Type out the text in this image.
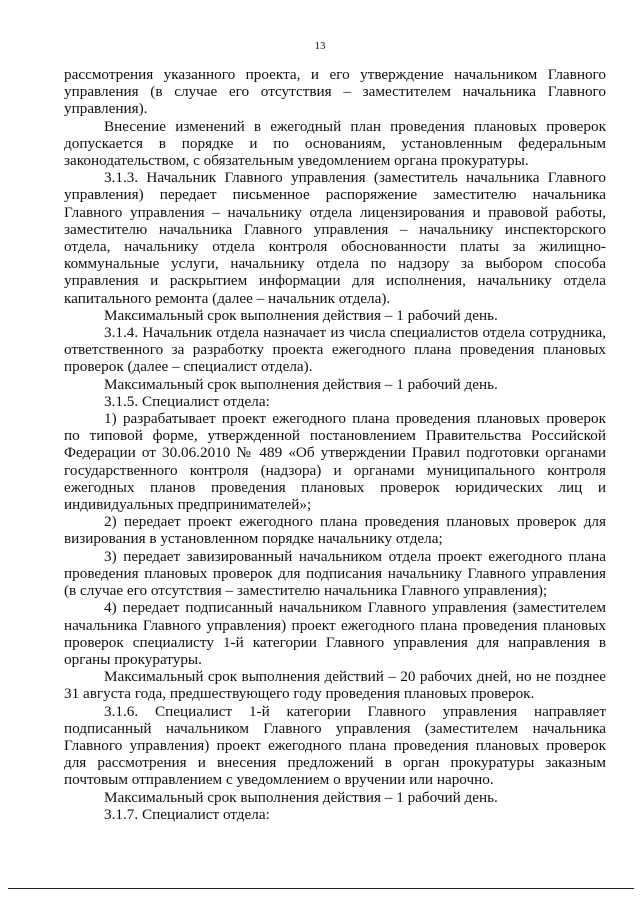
13

рассмотрения указанного проекта, и его утверждение начальником Главного управления (в случае его отсутствия – заместителем начальника Главного управления).

Внесение изменений в ежегодный план проведения плановых проверок допускается в порядке и по основаниям, установленным федеральным законодательством, с обязательным уведомлением органа прокуратуры.

3.1.3. Начальник Главного управления (заместитель начальника Главного управления) передает письменное распоряжение заместителю начальника Главного управления – начальнику отдела лицензирования и правовой работы, заместителю начальника Главного управления – начальнику инспекторского отдела, начальнику отдела контроля обоснованности платы за жилищно-коммунальные услуги, начальнику отдела по надзору за выбором способа управления и раскрытием информации для исполнения, начальнику отдела капитального ремонта (далее – начальник отдела).

Максимальный срок выполнения действия – 1 рабочий день.

3.1.4. Начальник отдела назначает из числа специалистов отдела сотрудника, ответственного за разработку проекта ежегодного плана проведения плановых проверок (далее – специалист отдела).

Максимальный срок выполнения действия – 1 рабочий день.

3.1.5. Специалист отдела:

1) разрабатывает проект ежегодного плана проведения плановых проверок по типовой форме, утвержденной постановлением Правительства Российской Федерации от 30.06.2010 № 489 «Об утверждении Правил подготовки органами государственного контроля (надзора) и органами муниципального контроля ежегодных планов проведения плановых проверок юридических лиц и индивидуальных предпринимателей»;

2) передает проект ежегодного плана проведения плановых проверок для визирования в установленном порядке начальнику отдела;

3) передает завизированный начальником отдела проект ежегодного плана проведения плановых проверок для подписания начальнику Главного управления (в случае его отсутствия – заместителю начальника Главного управления);

4) передает подписанный начальником Главного управления (заместителем начальника Главного управления) проект ежегодного плана проведения плановых проверок специалисту 1-й категории Главного управления для направления в органы прокуратуры.

Максимальный срок выполнения действий – 20 рабочих дней, но не позднее 31 августа года, предшествующего году проведения плановых проверок.

3.1.6. Специалист 1-й категории Главного управления направляет подписанный начальником Главного управления (заместителем начальника Главного управления) проект ежегодного плана проведения плановых проверок для рассмотрения и внесения предложений в орган прокуратуры заказным почтовым отправлением с уведомлением о вручении или нарочно.

Максимальный срок выполнения действия – 1 рабочий день.

3.1.7. Специалист отдела:
